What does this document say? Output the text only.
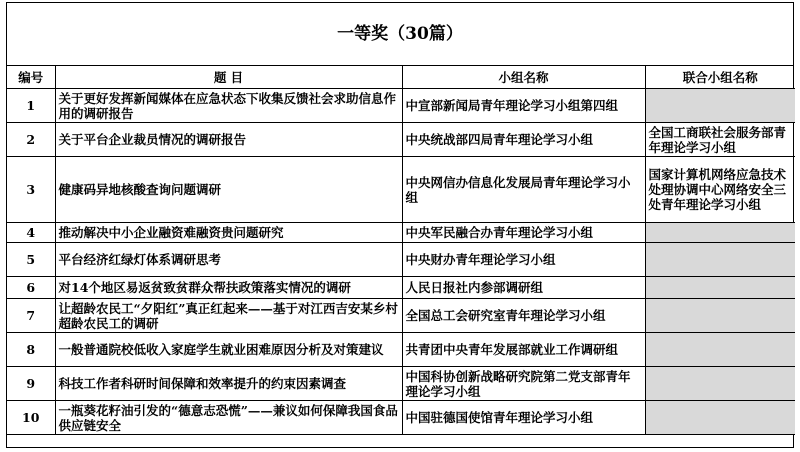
一等奖（30篇）
编号	题 目	小组名称	联合小组名称
1	关于更好发挥新闻媒体在应急状态下收集反馈社会求助信息作用的调研报告	中宣部新闻局青年理论学习小组第四组	
2	关于平台企业裁员情况的调研报告	中央统战部四局青年理论学习小组	全国工商联社会服务部青年理论学习小组
3	健康码异地核酸查询问题调研	中央网信办信息化发展局青年理论学习小组	国家计算机网络应急技术处理协调中心网络安全三处青年理论学习小组
4	推动解决中小企业融资难融资贵问题研究	中央军民融合办青年理论学习小组	
5	平台经济红绿灯体系调研思考	中央财办青年理论学习小组	
6	对14个地区易返贫致贫群众帮扶政策落实情况的调研	人民日报社内参部调研组	
7	让超龄农民工“夕阳红”真正红起来——基于对江西吉安某乡村超龄农民工的调研	全国总工会研究室青年理论学习小组	
8	一般普通院校低收入家庭学生就业困难原因分析及对策建议	共青团中央青年发展部就业工作调研组	
9	科技工作者科研时间保障和效率提升的约束因素调查	中国科协创新战略研究院第二党支部青年理论学习小组	
10	一瓶葵花籽油引发的“德意志恐慌”——兼议如何保障我国食品供应链安全	中国驻德国使馆青年理论学习小组	
